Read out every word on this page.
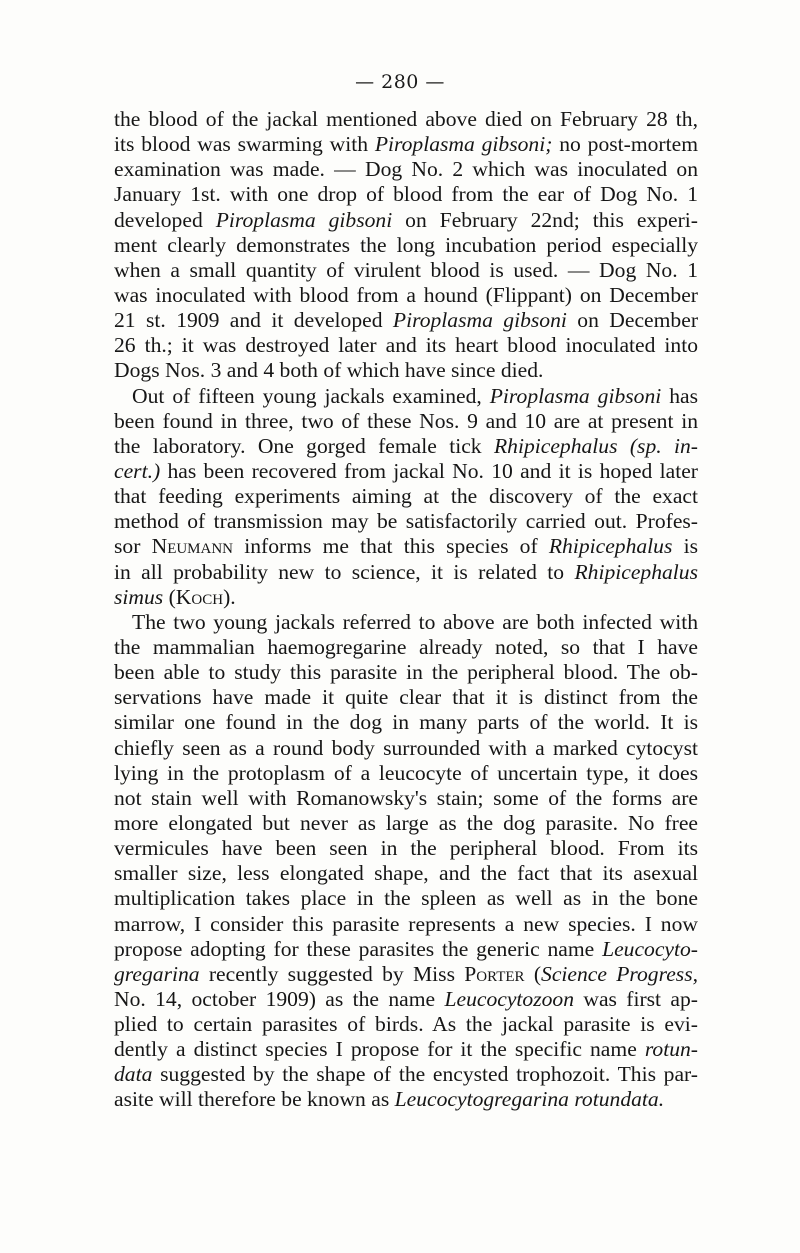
— 280 —
the blood of the jackal mentioned above died on February 28 th,
its blood was swarming with Piroplasma gibsoni; no post-mortem
examination was made. — Dog No. 2 which was inoculated on
January 1st. with one drop of blood from the ear of Dog No. 1
developed Piroplasma gibsoni on February 22nd; this experi-
ment clearly demonstrates the long incubation period especially
when a small quantity of virulent blood is used. — Dog No. 1
was inoculated with blood from a hound (Flippant) on December
21 st. 1909 and it developed Piroplasma gibsoni on December
26 th.; it was destroyed later and its heart blood inoculated into
Dogs Nos. 3 and 4 both of which have since died.
Out of fifteen young jackals examined, Piroplasma gibsoni has
been found in three, two of these Nos. 9 and 10 are at present in
the laboratory. One gorged female tick Rhipicephalus (sp. in-
cert.) has been recovered from jackal No. 10 and it is hoped later
that feeding experiments aiming at the discovery of the exact
method of transmission may be satisfactorily carried out. Profes-
sor Neumann informs me that this species of Rhipicephalus is
in all probability new to science, it is related to Rhipicephalus
simus (Koch).
The two young jackals referred to above are both infected with
the mammalian haemogregarine already noted, so that I have
been able to study this parasite in the peripheral blood. The ob-
servations have made it quite clear that it is distinct from the
similar one found in the dog in many parts of the world. It is
chiefly seen as a round body surrounded with a marked cytocyst
lying in the protoplasm of a leucocyte of uncertain type, it does
not stain well with Romanowsky's stain; some of the forms are
more elongated but never as large as the dog parasite. No free
vermicules have been seen in the peripheral blood. From its
smaller size, less elongated shape, and the fact that its asexual
multiplication takes place in the spleen as well as in the bone
marrow, I consider this parasite represents a new species. I now
propose adopting for these parasites the generic name Leucocyto-
gregarina recently suggested by Miss Porter (Science Progress,
No. 14, october 1909) as the name Leucocytozoon was first ap-
plied to certain parasites of birds. As the jackal parasite is evi-
dently a distinct species I propose for it the specific name rotun-
data suggested by the shape of the encysted trophozoit. This par-
asite will therefore be known as Leucocytogregarina rotundata.
